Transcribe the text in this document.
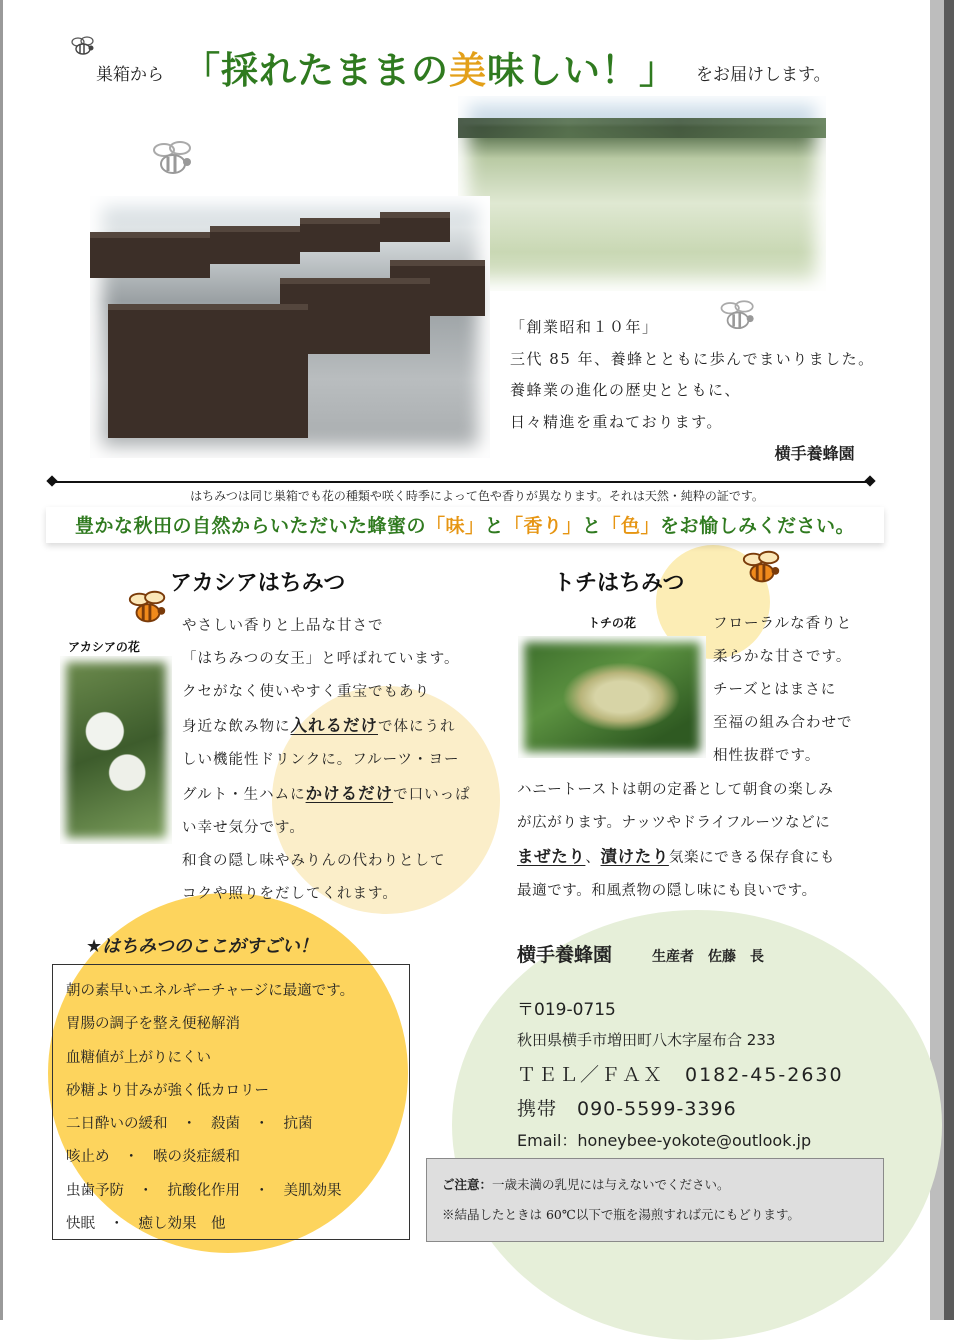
巣箱から 「採れたままの美味しい！」 をお届けします。
「創業昭和１０年」
三代 85 年、養蜂とともに歩んでまいりました。
養蜂業の進化の歴史とともに、
日々精進を重ねております。
横手養蜂園
はちみつは同じ巣箱でも花の種類や咲く時季によって色や香りが異なります。それは天然・純粋の証です。
豊かな秋田の自然からいただいた蜂蜜の「味」と「香り」と「色」をお愉しみください。
アカシアはちみつ
アカシアの花
やさしい香りと上品な甘さで
「はちみつの女王」と呼ばれています。
クセがなく使いやすく重宝でもあり
身近な飲み物に入れるだけで体にうれ
しい機能性ドリンクに。フルーツ・ヨー
グルト・生ハムにかけるだけで口いっぱ
い幸せ気分です。
和食の隠し味やみりんの代わりとして
コクや照りをだしてくれます。
トチはちみつ
トチの花	フローラルな香りと
柔らかな甘さです。
チーズとはまさに
至福の組み合わせで
相性抜群です。
ハニートーストは朝の定番として朝食の楽しみ
が広がります。ナッツやドライフルーツなどに
まぜたり、漬けたり気楽にできる保存食にも
最適です。和風煮物の隠し味にも良いです。
★はちみつのここがすごい！
朝の素早いエネルギーチャージに最適です。
胃腸の調子を整え便秘解消
血糖値が上がりにくい
砂糖より甘みが強く低カロリー
二日酔いの緩和　・　殺菌　・　抗菌
咳止め　・　喉の炎症緩和
虫歯予防　・　抗酸化作用　・　美肌効果
快眠　・　癒し効果　他
横手養蜂園	生産者　佐藤　長
〒019-0715
秋田県横手市増田町八木字屋布合 233
ＴＥＬ／ＦＡＸ　0182-45-2630
携帯　090-5599-3396
Email：honeybee-yokote@outlook.jp
ご注意：一歳未満の乳児には与えないでください。
※結晶したときは 60℃以下で瓶を湯煎すれば元にもどります。
